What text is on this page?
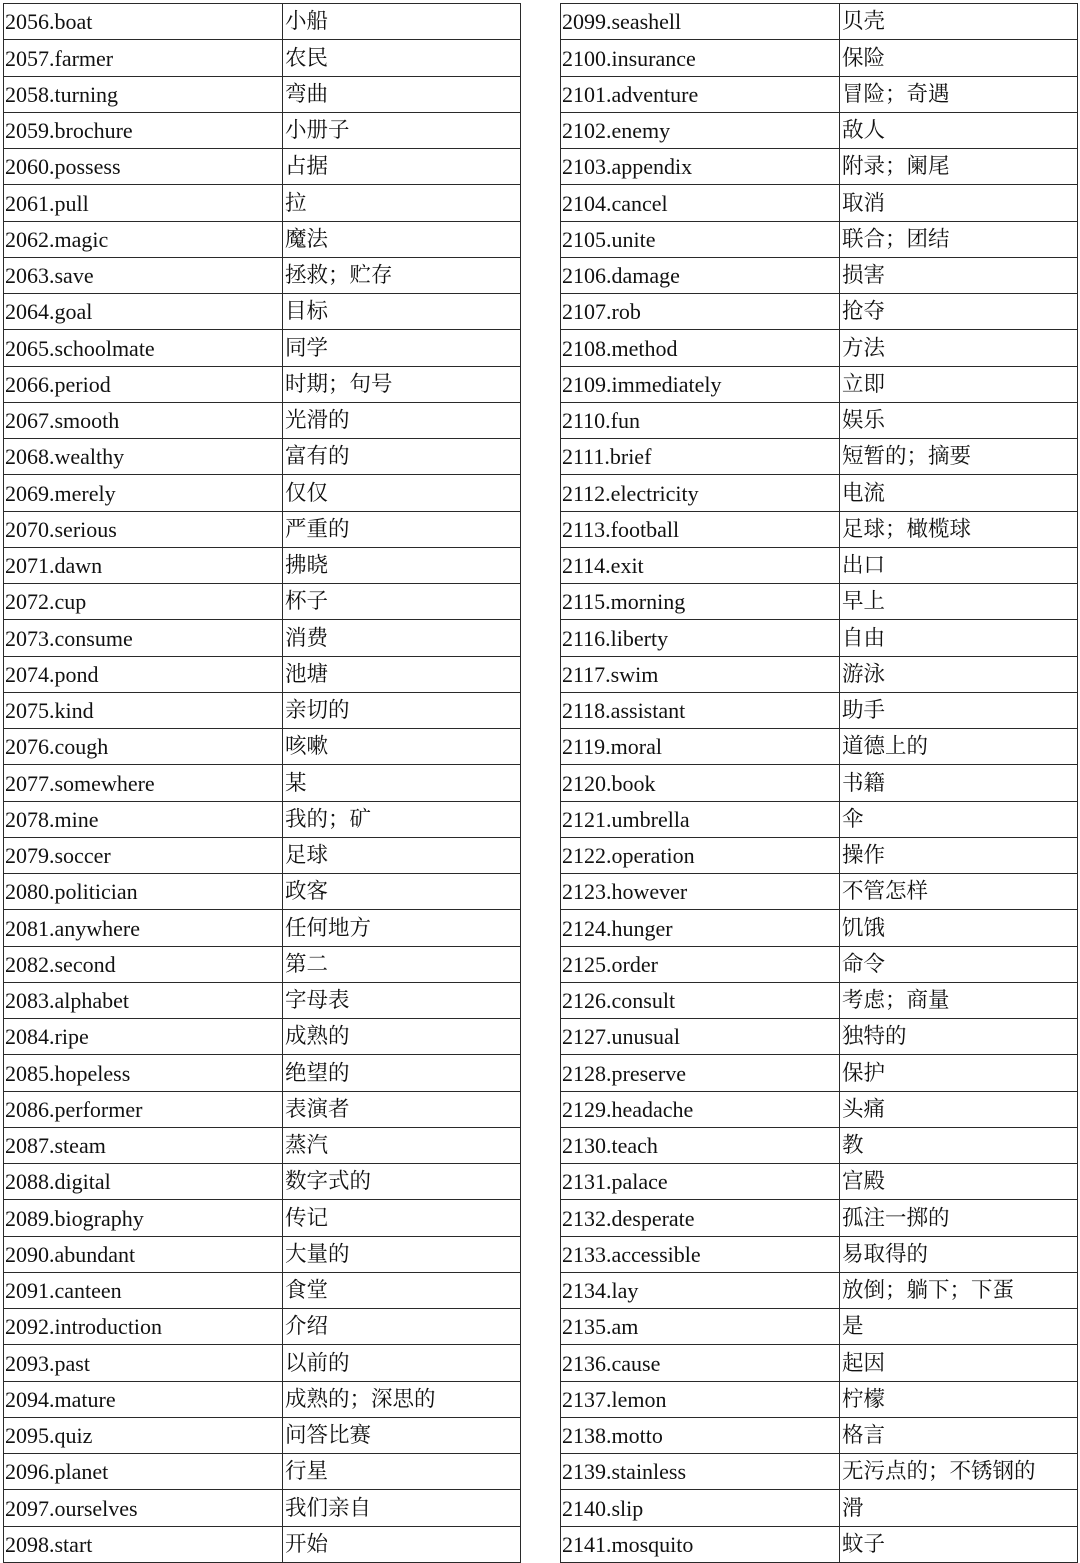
2056.boat	小船
2057.farmer	农民
2058.turning	弯曲
2059.brochure	小册子
2060.possess	占据
2061.pull	拉
2062.magic	魔法
2063.save	拯救；贮存
2064.goal	目标
2065.schoolmate	同学
2066.period	时期；句号
2067.smooth	光滑的
2068.wealthy	富有的
2069.merely	仅仅
2070.serious	严重的
2071.dawn	拂晓
2072.cup	杯子
2073.consume	消费
2074.pond	池塘
2075.kind	亲切的
2076.cough	咳嗽
2077.somewhere	某
2078.mine	我的；矿
2079.soccer	足球
2080.politician	政客
2081.anywhere	任何地方
2082.second	第二
2083.alphabet	字母表
2084.ripe	成熟的
2085.hopeless	绝望的
2086.performer	表演者
2087.steam	蒸汽
2088.digital	数字式的
2089.biography	传记
2090.abundant	大量的
2091.canteen	食堂
2092.introduction	介绍
2093.past	以前的
2094.mature	成熟的；深思的
2095.quiz	问答比赛
2096.planet	行星
2097.ourselves	我们亲自
2098.start	开始
2099.seashell	贝壳
2100.insurance	保险
2101.adventure	冒险；奇遇
2102.enemy	敌人
2103.appendix	附录；阑尾
2104.cancel	取消
2105.unite	联合；团结
2106.damage	损害
2107.rob	抢夺
2108.method	方法
2109.immediately	立即
2110.fun	娱乐
2111.brief	短暂的；摘要
2112.electricity	电流
2113.football	足球；橄榄球
2114.exit	出口
2115.morning	早上
2116.liberty	自由
2117.swim	游泳
2118.assistant	助手
2119.moral	道德上的
2120.book	书籍
2121.umbrella	伞
2122.operation	操作
2123.however	不管怎样
2124.hunger	饥饿
2125.order	命令
2126.consult	考虑；商量
2127.unusual	独特的
2128.preserve	保护
2129.headache	头痛
2130.teach	教
2131.palace	宫殿
2132.desperate	孤注一掷的
2133.accessible	易取得的
2134.lay	放倒；躺下；下蛋
2135.am	是
2136.cause	起因
2137.lemon	柠檬
2138.motto	格言
2139.stainless	无污点的；不锈钢的
2140.slip	滑
2141.mosquito	蚊子
